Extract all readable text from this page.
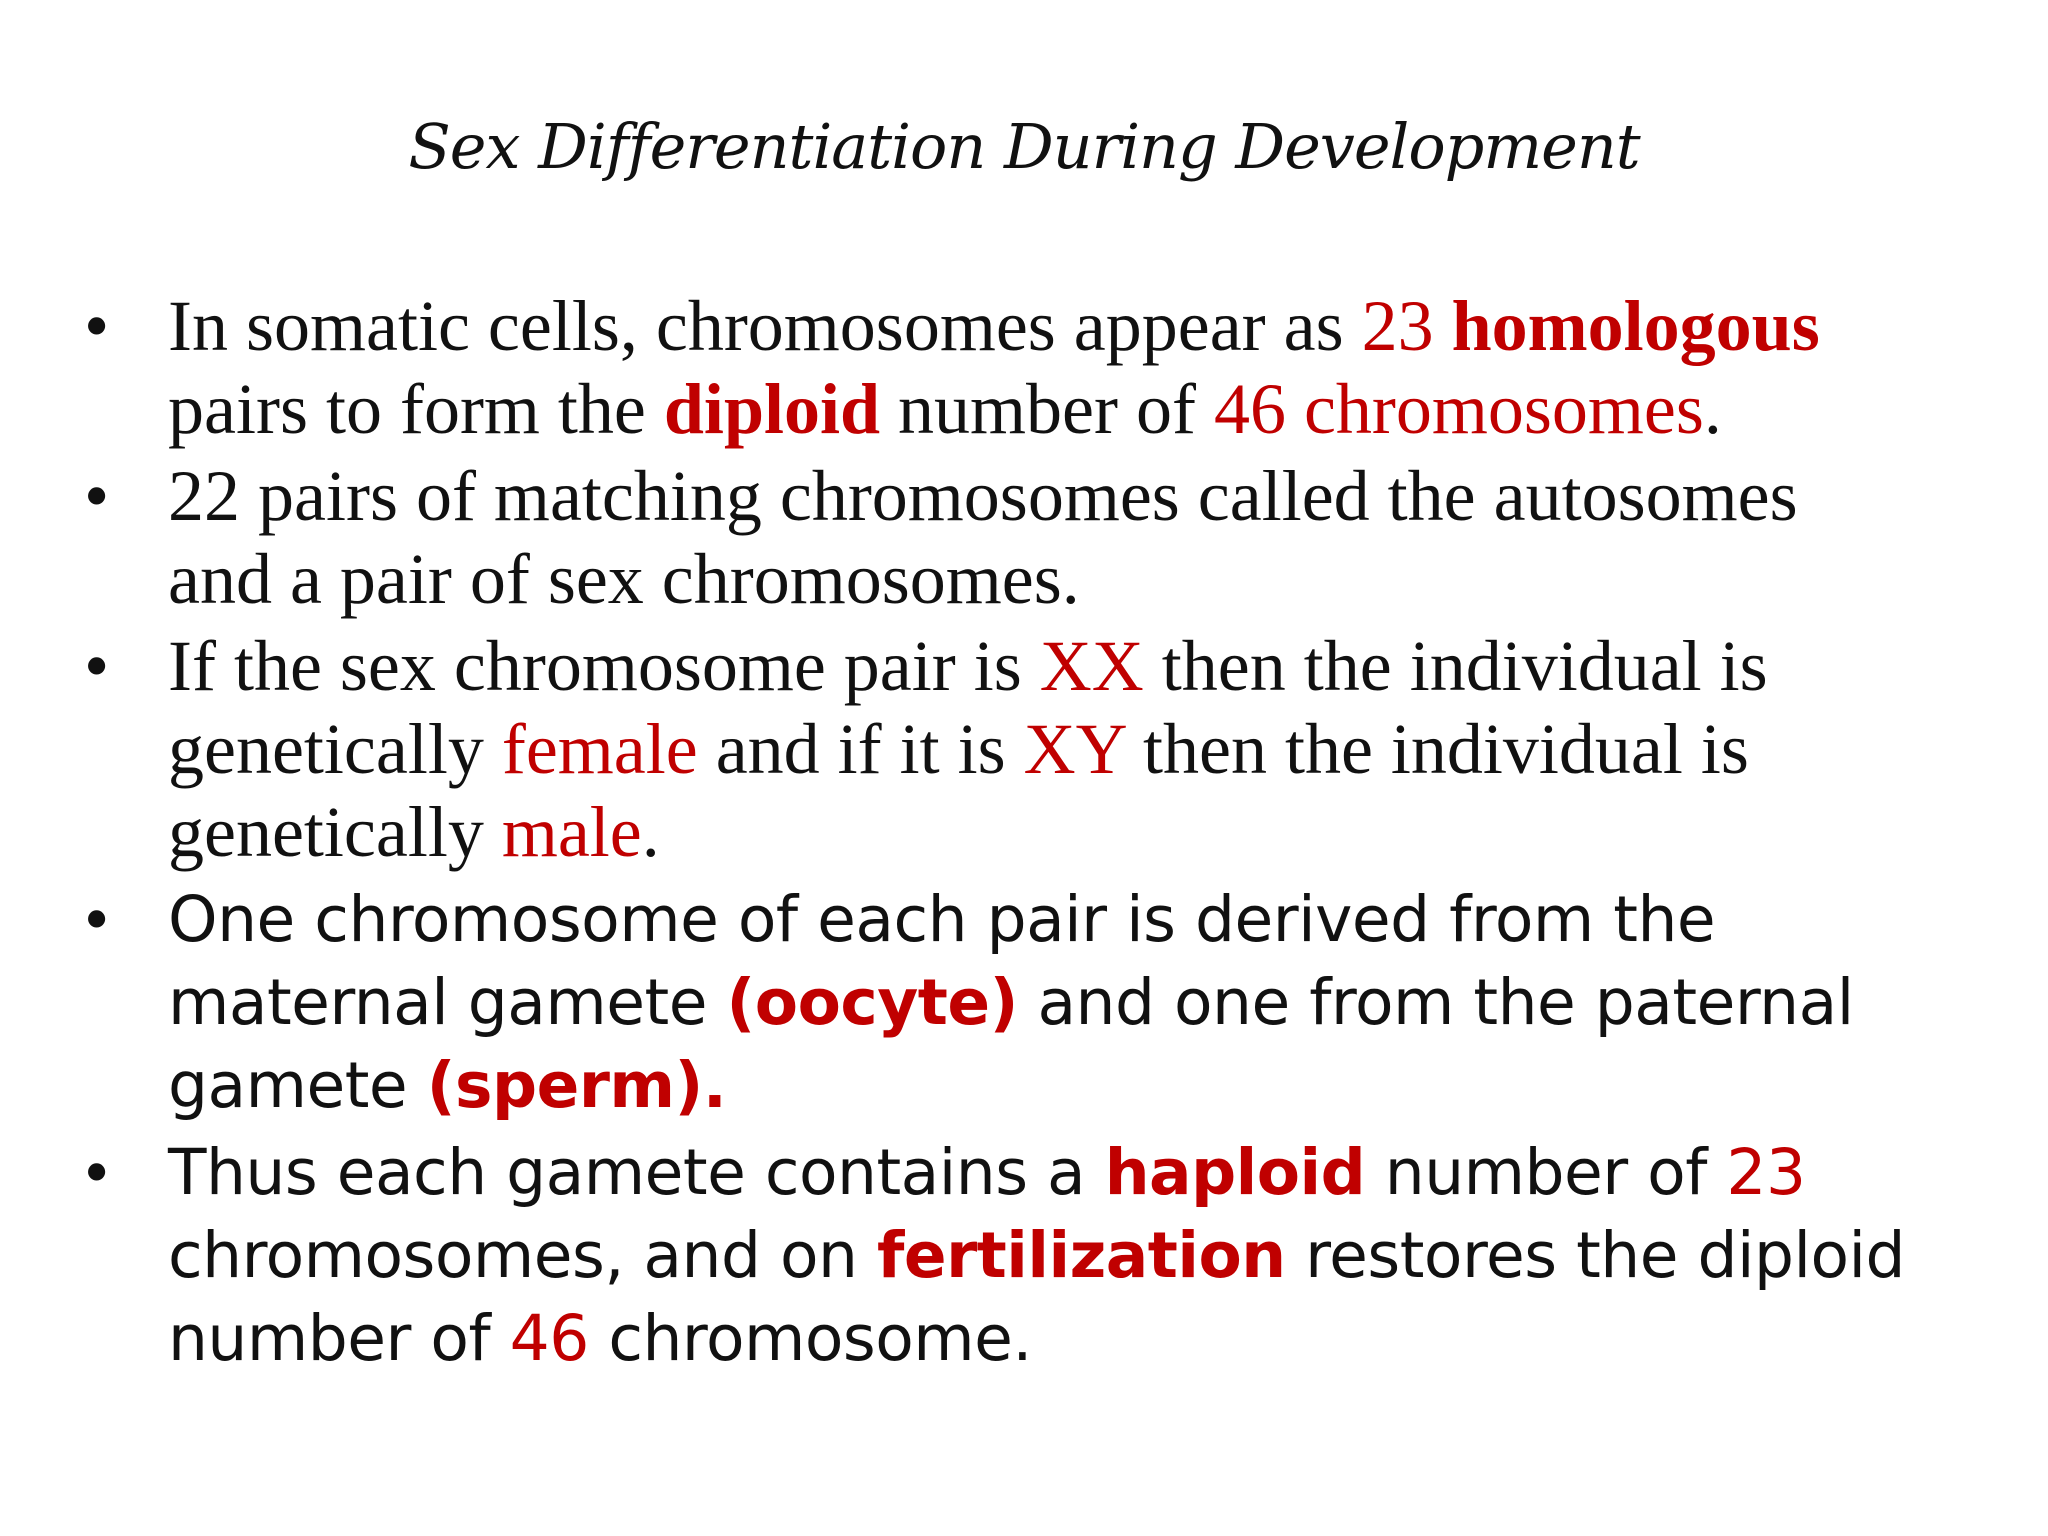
Sex Differentiation During Development
• In somatic cells, chromosomes appear as 23 homologous
pairs to form the diploid number of 46 chromosomes.
• 22 pairs of matching chromosomes called the autosomes
and a pair of sex chromosomes.
• If the sex chromosome pair is XX then the individual is
genetically female and if it is XY then the individual is
genetically male.
• One chromosome of each pair is derived from the
maternal gamete (oocyte) and one from the paternal
gamete (sperm).
• Thus each gamete contains a haploid number of 23
chromosomes, and on fertilization restores the diploid
number of 46 chromosome.
